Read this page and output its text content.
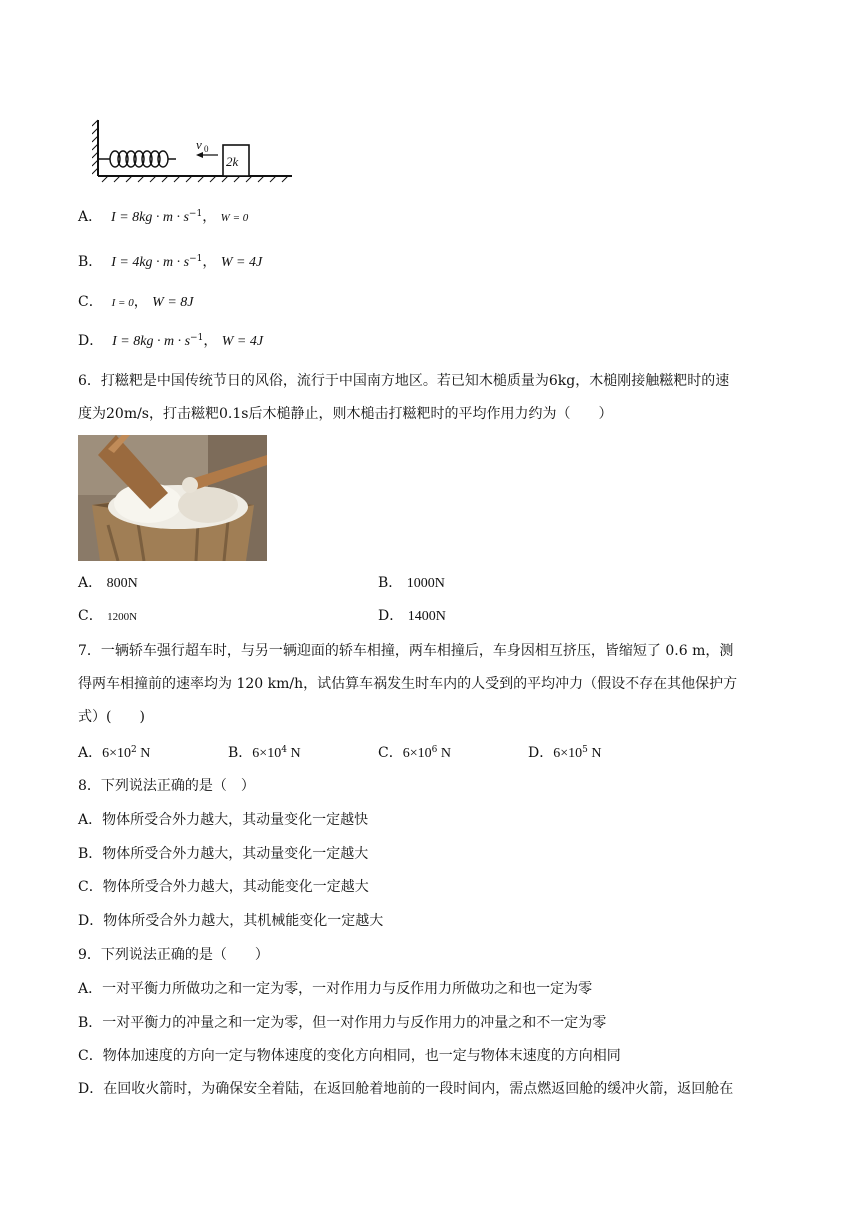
v 0
2k
A． $I = 8kg \cdot m \cdot s^{-1}$， W = 0
B． $I = 4kg \cdot m \cdot s^{-1}$， W = 4J
C． I = 0， W = 8J
D． $I = 8kg \cdot m \cdot s^{-1}$， W = 4J
6．打糍粑是中国传统节日的风俗，流行于中国南方地区。若已知木槌质量为6kg，木槌刚接触糍粑时的速
度为20m/s，打击糍粑0.1s后木槌静止，则木槌击打糍粑时的平均作用力约为（　　）
A． 800N	B． 1000N
C． 1200N	D． 1400N
7．一辆轿车强行超车时，与另一辆迎面的轿车相撞，两车相撞后，车身因相互挤压，皆缩短了 0.6 m，测
得两车相撞前的速率均为 120 km/h，试估算车祸发生时车内的人受到的平均冲力（假设不存在其他保护方
式）(　　)
A．$6\times 10^2$ N	B．$6\times 10^4$ N	C．$6\times 10^6$ N	D．$6\times 10^5$ N
8．下列说法正确的是（　）
A．物体所受合外力越大，其动量变化一定越快
B．物体所受合外力越大，其动量变化一定越大
C．物体所受合外力越大，其动能变化一定越大
D．物体所受合外力越大，其机械能变化一定越大
9．下列说法正确的是（　　）
A．一对平衡力所做功之和一定为零，一对作用力与反作用力所做功之和也一定为零
B．一对平衡力的冲量之和一定为零，但一对作用力与反作用力的冲量之和不一定为零
C．物体加速度的方向一定与物体速度的变化方向相同，也一定与物体末速度的方向相同
D．在回收火箭时，为确保安全着陆，在返回舱着地前的一段时间内，需点燃返回舱的缓冲火箭，返回舱在
